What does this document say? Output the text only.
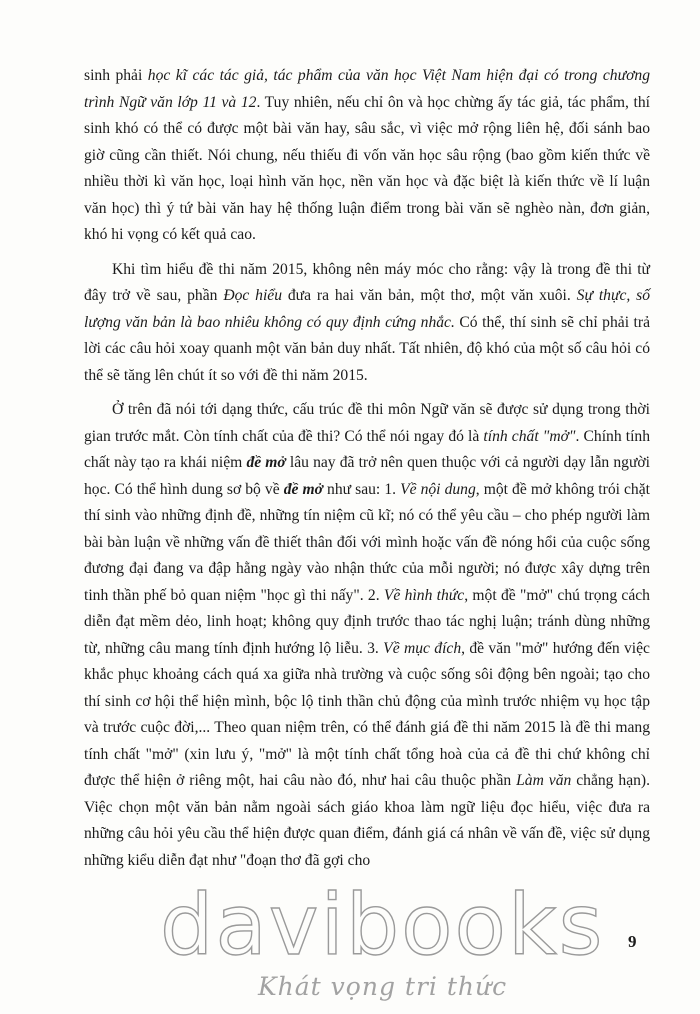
sinh phải học kĩ các tác giả, tác phẩm của văn học Việt Nam hiện đại có trong chương trình Ngữ văn lớp 11 và 12. Tuy nhiên, nếu chỉ ôn và học chừng ấy tác giả, tác phẩm, thí sinh khó có thể có được một bài văn hay, sâu sắc, vì việc mở rộng liên hệ, đối sánh bao giờ cũng cần thiết. Nói chung, nếu thiếu đi vốn văn học sâu rộng (bao gồm kiến thức về nhiều thời kì văn học, loại hình văn học, nền văn học và đặc biệt là kiến thức về lí luận văn học) thì ý tứ bài văn hay hệ thống luận điểm trong bài văn sẽ nghèo nàn, đơn giản, khó hi vọng có kết quả cao.

Khi tìm hiểu đề thi năm 2015, không nên máy móc cho rằng: vậy là trong đề thi từ đây trở về sau, phần Đọc hiểu đưa ra hai văn bản, một thơ, một văn xuôi. Sự thực, số lượng văn bản là bao nhiêu không có quy định cứng nhắc. Có thể, thí sinh sẽ chỉ phải trả lời các câu hỏi xoay quanh một văn bản duy nhất. Tất nhiên, độ khó của một số câu hỏi có thể sẽ tăng lên chút ít so với đề thi năm 2015.

Ở trên đã nói tới dạng thức, cấu trúc đề thi môn Ngữ văn sẽ được sử dụng trong thời gian trước mắt. Còn tính chất của đề thi? Có thể nói ngay đó là tính chất "mở". Chính tính chất này tạo ra khái niệm đề mở lâu nay đã trở nên quen thuộc với cả người dạy lẫn người học. Có thể hình dung sơ bộ về đề mở như sau: 1. Về nội dung, một đề mở không trói chặt thí sinh vào những định đề, những tín niệm cũ kĩ; nó có thể yêu cầu – cho phép người làm bài bàn luận về những vấn đề thiết thân đối với mình hoặc vấn đề nóng hổi của cuộc sống đương đại đang va đập hằng ngày vào nhận thức của mỗi người; nó được xây dựng trên tinh thần phế bỏ quan niệm "học gì thi nấy". 2. Về hình thức, một đề "mở" chú trọng cách diễn đạt mềm dẻo, linh hoạt; không quy định trước thao tác nghị luận; tránh dùng những từ, những câu mang tính định hướng lộ liễu. 3. Về mục đích, đề văn "mở" hướng đến việc khắc phục khoảng cách quá xa giữa nhà trường và cuộc sống sôi động bên ngoài; tạo cho thí sinh cơ hội thể hiện mình, bộc lộ tinh thần chủ động của mình trước nhiệm vụ học tập và trước cuộc đời,... Theo quan niệm trên, có thể đánh giá đề thi năm 2015 là đề thi mang tính chất "mở" (xin lưu ý, "mở" là một tính chất tổng hoà của cả đề thi chứ không chỉ được thể hiện ở riêng một, hai câu nào đó, như hai câu thuộc phần Làm văn chẳng hạn). Việc chọn một văn bản nằm ngoài sách giáo khoa làm ngữ liệu đọc hiểu, việc đưa ra những câu hỏi yêu cầu thể hiện được quan điểm, đánh giá cá nhân về vấn đề, việc sử dụng những kiểu diễn đạt như "đoạn thơ đã gợi cho

davibooks
Khát vọng tri thức
9
